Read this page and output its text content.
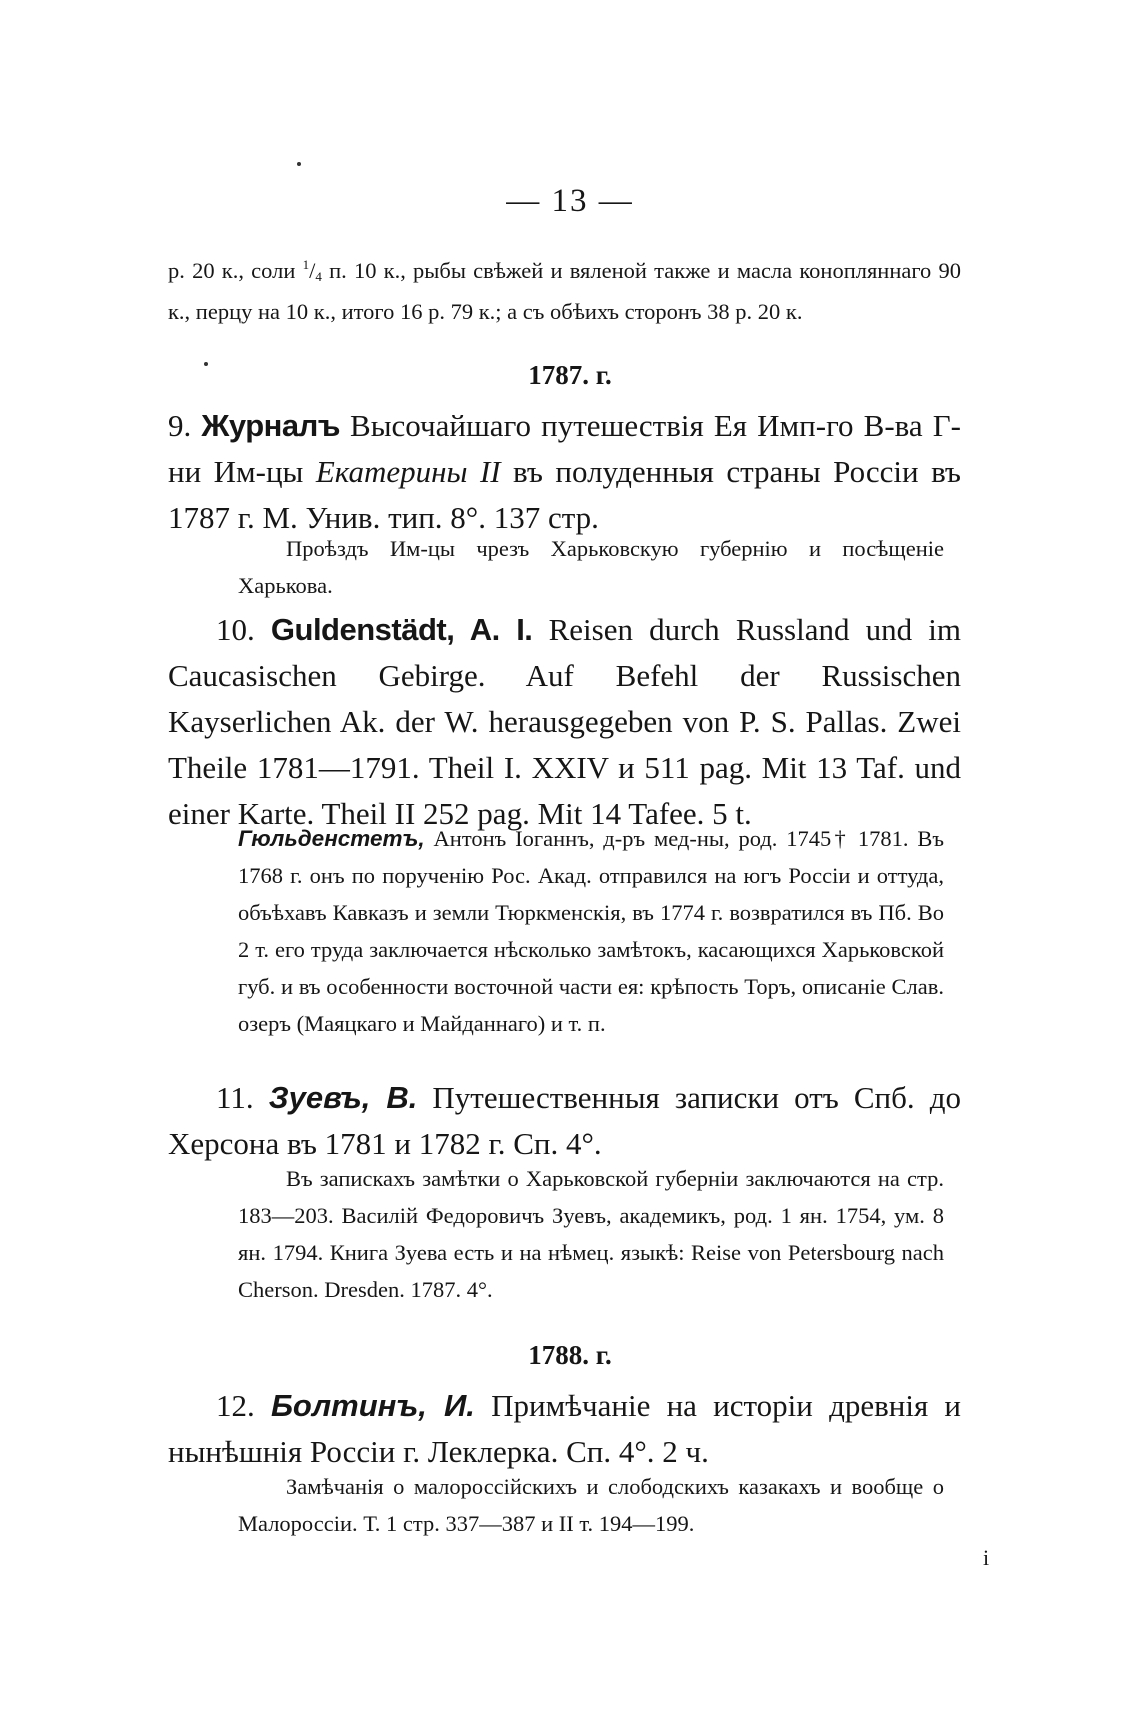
— 13 —
р. 20 к., соли $^1/_4$ п. 10 к., рыбы свѣжей и вяленой также и масла конопляннаго 90 к., перцу на 10 к., итого 16 р. 79 к.; а съ обѣихъ сторонъ 38 р. 20 к.
1787. г.
9. Журналъ Высочайшаго путешествія Ея Имп-го В-ва Г-ни Им-цы Екатерины II въ полуденныя страны Россіи въ 1787 г. М. Унив. тип. 8°. 137 стр.
Проѣздъ Им-цы чрезъ Харьковскую губернію и посѣщеніе Харькова.
10. Guldenstädt, A. I. Reisen durch Russland und im Caucasischen Gebirge. Auf Befehl der Russischen Kayserlichen Ak. der W. herausgegeben von P. S. Pallas. Zwei Theile 1781—1791. Theil I. XXIV и 511 pag. Mit 13 Taf. und einer Karte. Theil II 252 pag. Mit 14 Tafee. 5 t.
Гюльденстетъ, Антонъ Іоганнъ, д-ръ мед-ны, род. 1745† 1781. Въ 1768 г. онъ по порученію Рос. Акад. отправился на югъ Россіи и оттуда, объѣхавъ Кавказъ и земли Тюркменскія, въ 1774 г. возвратился въ Пб. Во 2 т. его труда заключается нѣсколько замѣтокъ, касающихся Харьковской губ. и въ особенности восточной части ея: крѣпость Торъ, описаніе Слав. озеръ (Маяцкаго и Майданнаго) и т. п.
11. Зуевъ, В. Путешественныя записки отъ Спб. до Херсона въ 1781 и 1782 г. Сп. 4°.
Въ запискахъ замѣтки о Харьковской губерніи заключаются на стр. 183—203. Василій Федоровичъ Зуевъ, академикъ, род. 1 ян. 1754, ум. 8 ян. 1794. Книга Зуева есть и на нѣмец. языкѣ: Reise von Petersbourg nach Cherson. Dresden. 1787. 4°.
1788. г.
12. Болтинъ, И. Примѣчаніе на исторіи древнія и нынѣшнія Россіи г. Леклерка. Сп. 4°. 2 ч.
Замѣчанія о малороссійскихъ и слободскихъ казакахъ и вообще о Малороссіи. Т. 1 стр. 337—387 и II т. 194—199.
і
